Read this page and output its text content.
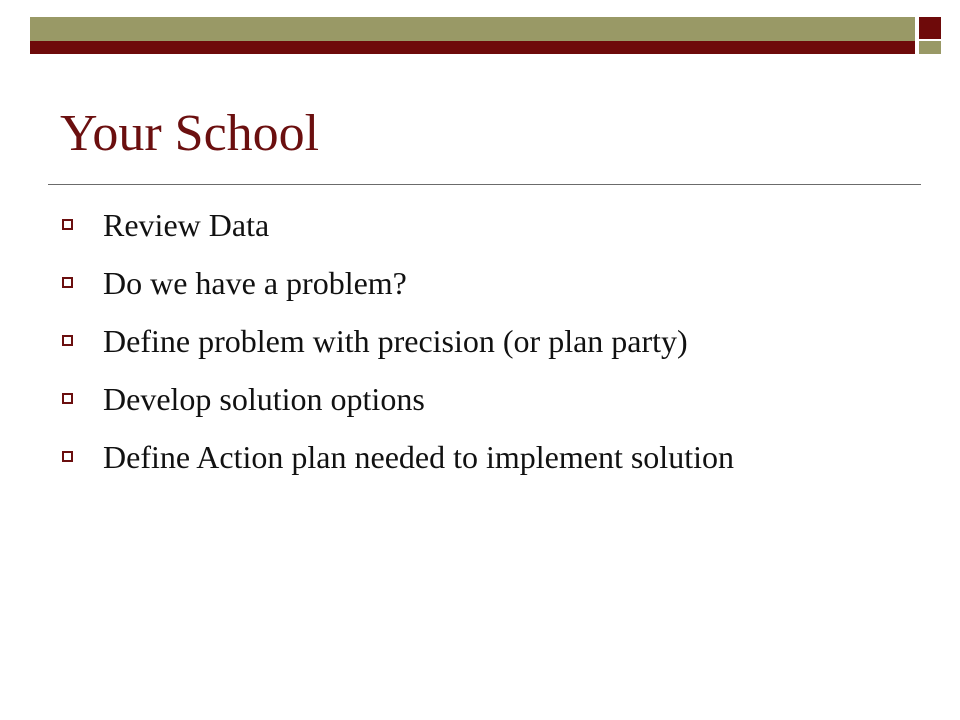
Your School
Review Data
Do we have a problem?
Define problem with precision (or plan party)
Develop solution options
Define Action plan needed to implement solution
